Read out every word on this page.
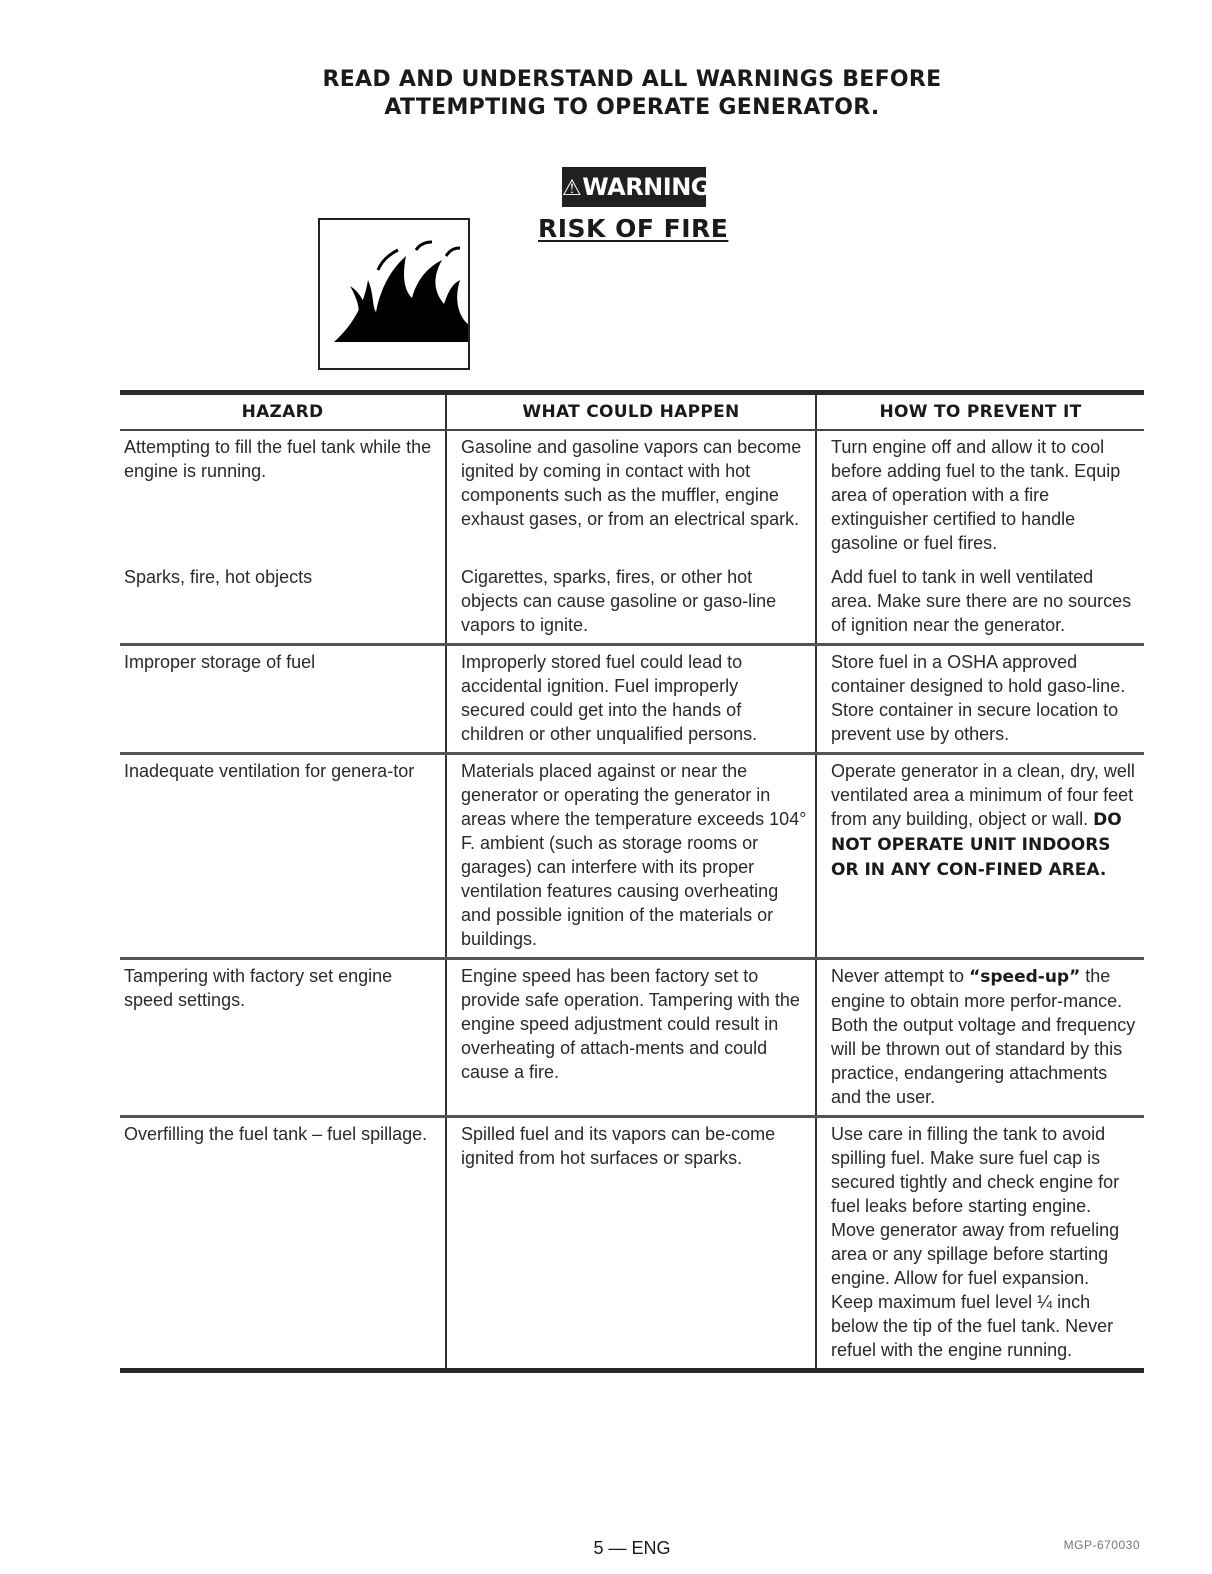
READ AND UNDERSTAND ALL WARNINGS BEFORE
ATTEMPTING TO OPERATE GENERATOR.
⚠WARNING
RISK OF FIRE
HAZARD	WHAT COULD HAPPEN	HOW TO PREVENT IT
Attempting to fill the fuel tank while the engine is running.	Gasoline and gasoline vapors can become ignited by coming in contact with hot components such as the muffler, engine exhaust gases, or from an electrical spark.	Turn engine off and allow it to cool before adding fuel to the tank. Equip area of operation with a fire extinguisher certified to handle gasoline or fuel fires.
Sparks, fire, hot objects	Cigarettes, sparks, fires, or other hot objects can cause gasoline or gaso-line vapors to ignite.	Add fuel to tank in well ventilated area. Make sure there are no sources of ignition near the generator.
Improper storage of fuel	Improperly stored fuel could lead to accidental ignition. Fuel improperly secured could get into the hands of children or other unqualified persons.	Store fuel in a OSHA approved container designed to hold gaso-line. Store container in secure location to prevent use by others.
Inadequate ventilation for genera-tor	Materials placed against or near the generator or operating the generator in areas where the temperature exceeds 104° F. ambient (such as storage rooms or garages) can interfere with its proper ventilation features causing overheating and possible ignition of the materials or buildings.	Operate generator in a clean, dry, well ventilated area a minimum of four feet from any building, object or wall. DO NOT OPERATE UNIT INDOORS OR IN ANY CON-FINED AREA.
Tampering with factory set engine speed settings.	Engine speed has been factory set to provide safe operation. Tampering with the engine speed adjustment could result in overheating of attach-ments and could cause a fire.	Never attempt to “speed-up” the engine to obtain more perfor-mance. Both the output voltage and frequency will be thrown out of standard by this practice, endangering attachments and the user.
Overfilling the fuel tank – fuel spillage.	Spilled fuel and its vapors can be-come ignited from hot surfaces or sparks.	Use care in filling the tank to avoid spilling fuel. Make sure fuel cap is secured tightly and check engine for fuel leaks before starting engine. Move generator away from refueling area or any spillage before starting engine. Allow for fuel expansion. Keep maximum fuel level ¼ inch below the tip of the fuel tank. Never refuel with the engine running.
5 — ENG	MGP-670030
